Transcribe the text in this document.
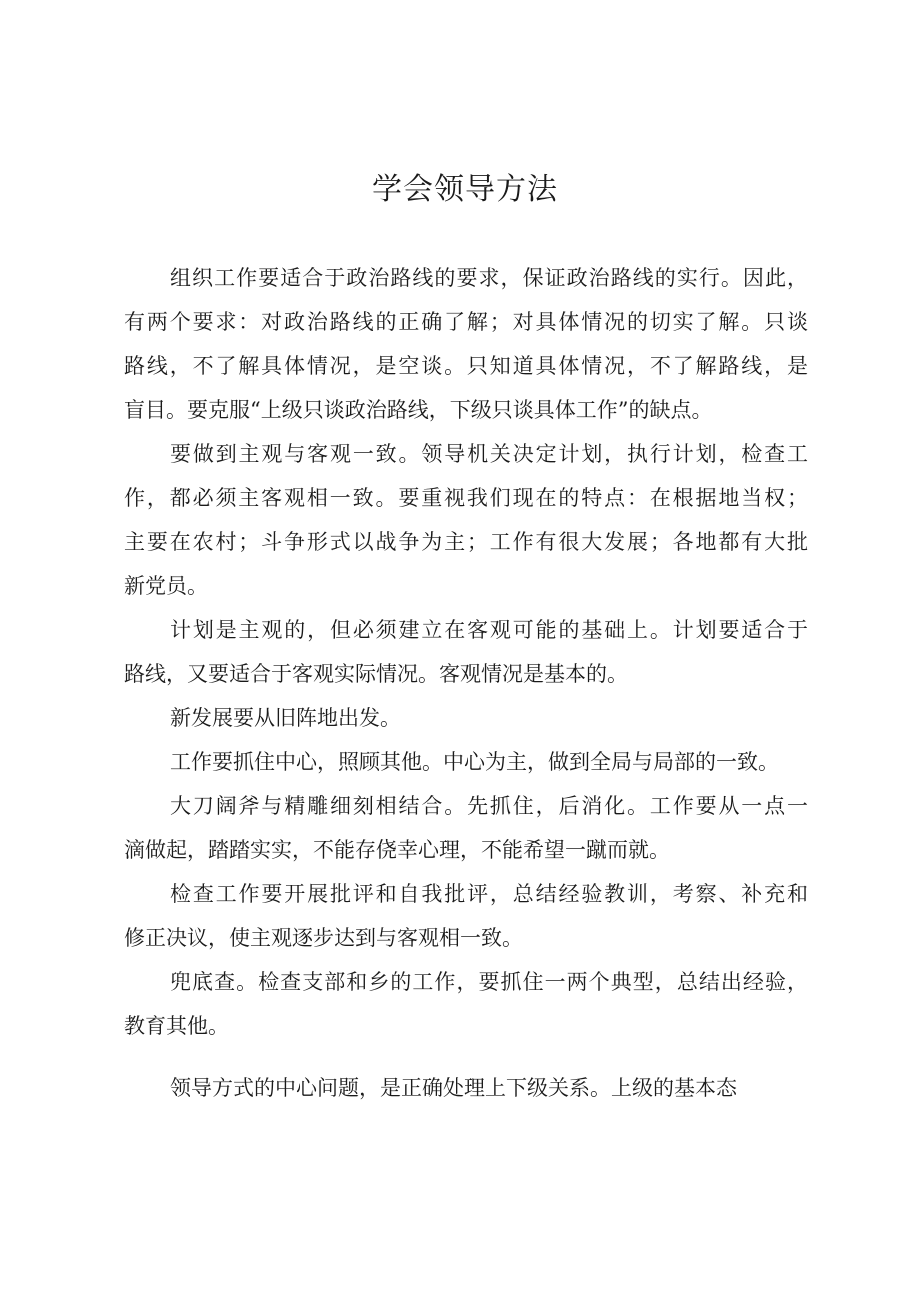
学会领导方法

组织工作要适合于政治路线的要求，保证政治路线的实行。因此，
有两个要求：对政治路线的正确了解；对具体情况的切实了解。只谈
路线，不了解具体情况，是空谈。只知道具体情况，不了解路线，是
盲目。要克服“上级只谈政治路线，下级只谈具体工作”的缺点。

要做到主观与客观一致。领导机关决定计划，执行计划，检查工
作，都必须主客观相一致。要重视我们现在的特点：在根据地当权；
主要在农村；斗争形式以战争为主；工作有很大发展；各地都有大批
新党员。

计划是主观的，但必须建立在客观可能的基础上。计划要适合于
路线，又要适合于客观实际情况。客观情况是基本的。

新发展要从旧阵地出发。

工作要抓住中心，照顾其他。中心为主，做到全局与局部的一致。

大刀阔斧与精雕细刻相结合。先抓住，后消化。工作要从一点一
滴做起，踏踏实实，不能存侥幸心理，不能希望一蹴而就。

检查工作要开展批评和自我批评，总结经验教训，考察、补充和
修正决议，使主观逐步达到与客观相一致。

兜底查。检查支部和乡的工作，要抓住一两个典型，总结出经验，
教育其他。

领导方式的中心问题，是正确处理上下级关系。上级的基本态
